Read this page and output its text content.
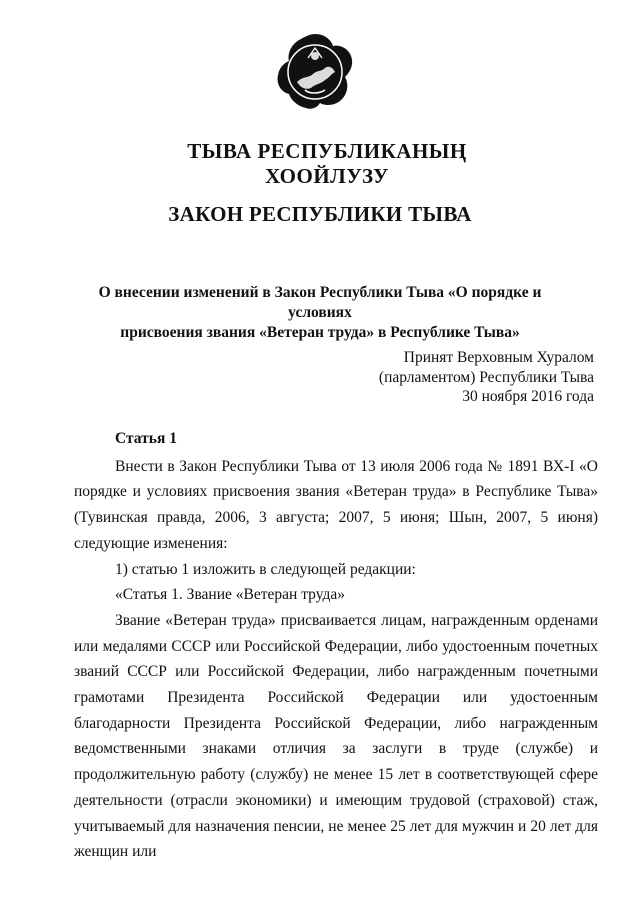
ТЫВА РЕСПУБЛИКАНЫҢ
ХООЙЛУЗУ
ЗАКОН РЕСПУБЛИКИ ТЫВА
О внесении изменений в Закон Республики Тыва «О порядке и условиях
присвоения звания «Ветеран труда» в Республике Тыва»
Принят Верховным Хуралом
(парламентом) Республики Тыва
30 ноября 2016 года

Статья 1

Внести в Закон Республики Тыва от 13 июля 2006 года № 1891 ВХ-I «О порядке и условиях присвоения звания «Ветеран труда» в Республике Тыва» (Тувинская правда, 2006, 3 августа; 2007, 5 июня; Шын, 2007, 5 июня) следующие изменения:

1) статью 1 изложить в следующей редакции:

«Статья 1. Звание «Ветеран труда»

Звание «Ветеран труда» присваивается лицам, награжденным орденами или медалями СССР или Российской Федерации, либо удостоенным почетных званий СССР или Российской Федерации, либо награжденным почетными грамотами Президента Российской Федерации или удостоенным благодарности Президента Российской Федерации, либо награжденным ведомственными знаками отличия за заслуги в труде (службе) и продолжительную работу (службу) не менее 15 лет в соответствующей сфере деятельности (отрасли экономики) и имеющим трудовой (страховой) стаж, учитываемый для назначения пенсии, не менее 25 лет для мужчин и 20 лет для женщин или
